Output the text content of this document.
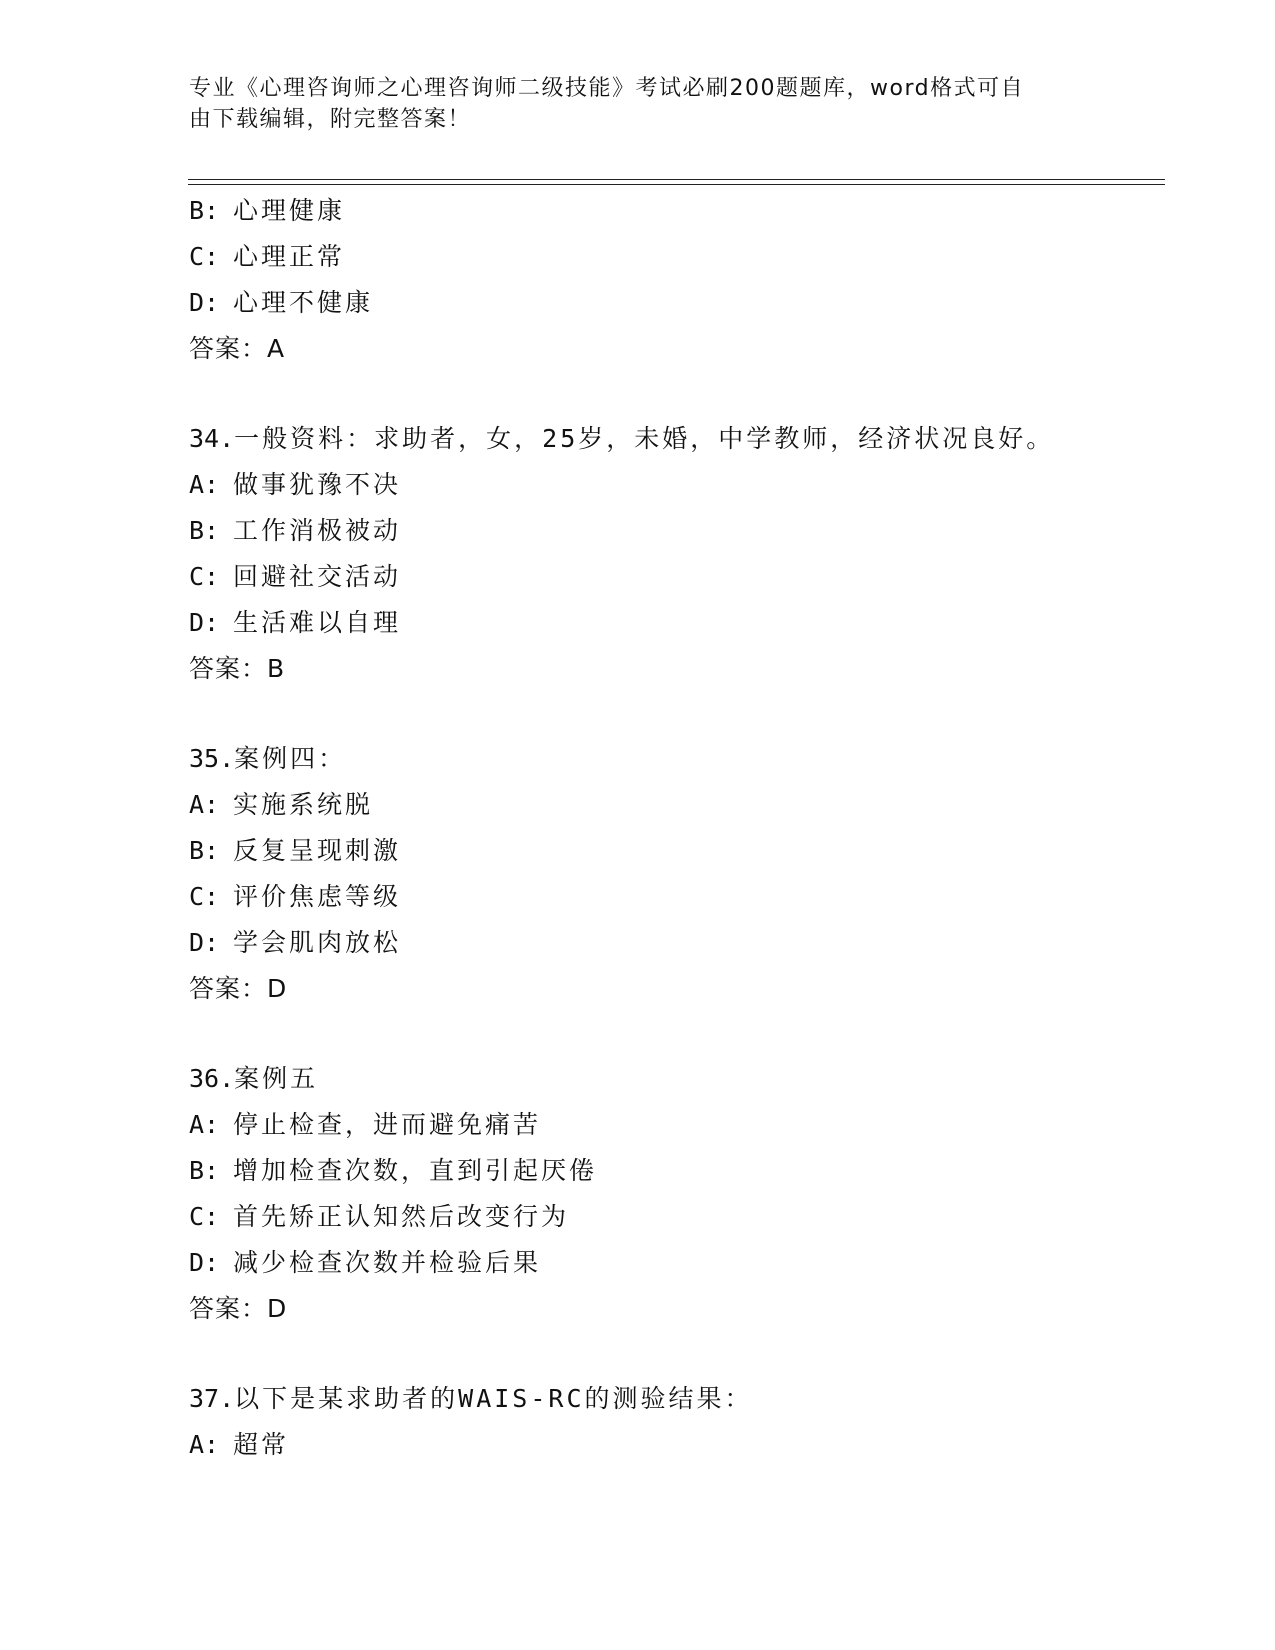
专业《心理咨询师之心理咨询师二级技能》考试必刷200题题库，word格式可自
由下载编辑，附完整答案！
B: 心理健康
C: 心理正常
D: 心理不健康
答案：A
34.一般资料：求助者，女，25岁，未婚，中学教师，经济状况良好。
A: 做事犹豫不决
B: 工作消极被动
C: 回避社交活动
D: 生活难以自理
答案：B
35.案例四：
A: 实施系统脱
B: 反复呈现刺激
C: 评价焦虑等级
D: 学会肌肉放松
答案：D
36.案例五
A: 停止检查，进而避免痛苦
B: 增加检查次数，直到引起厌倦
C: 首先矫正认知然后改变行为
D: 减少检查次数并检验后果
答案：D
37.以下是某求助者的WAIS-RC的测验结果：
A: 超常
